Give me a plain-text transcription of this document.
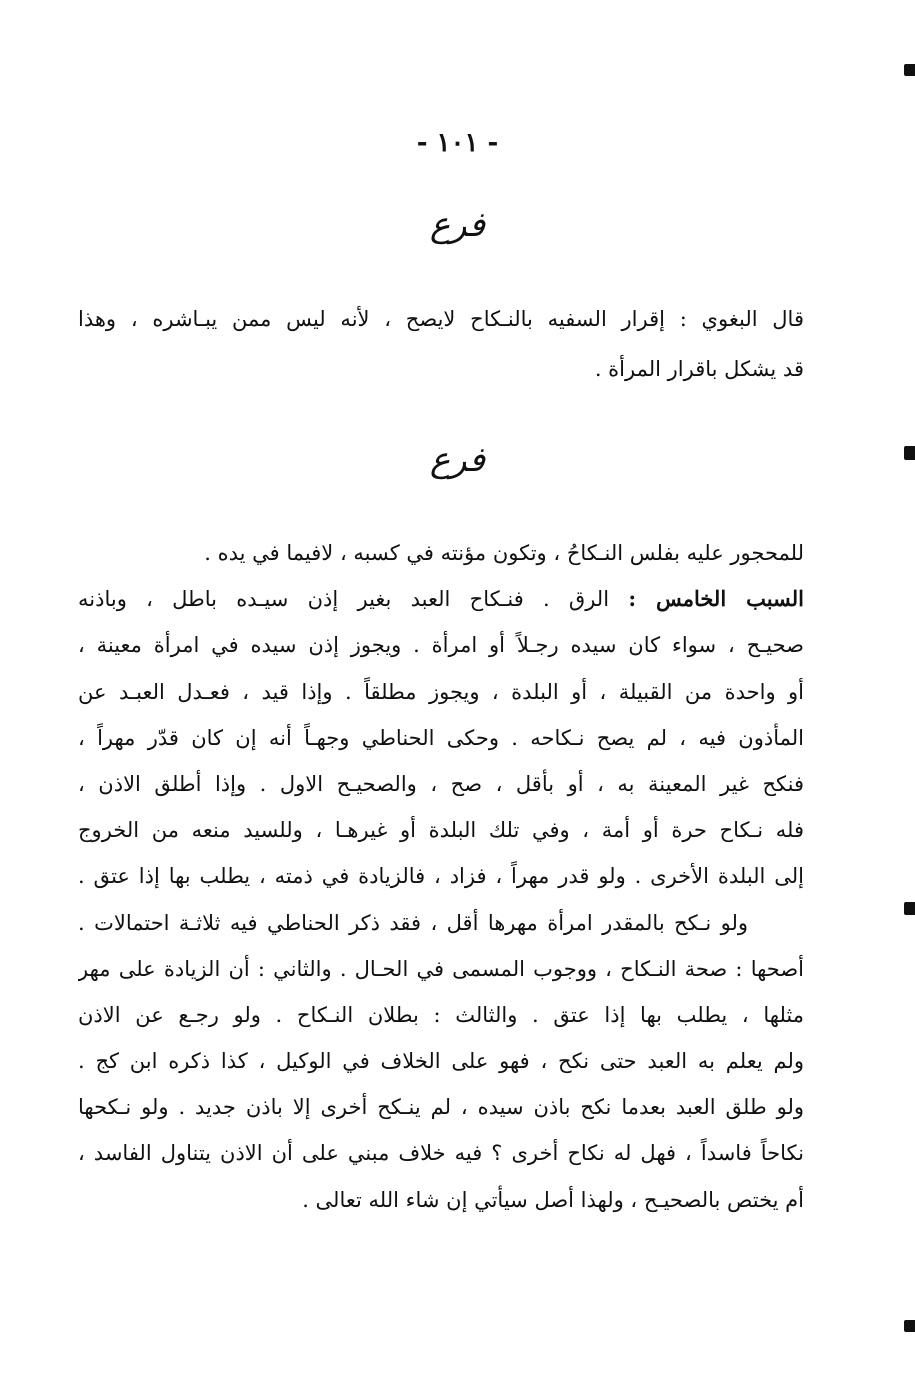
- ١٠١ -
فرع
قال البغوي : إقرار السفيه بالنـكاح لايصح ، لأنه ليس ممن يبـاشره ، وهذا
قد يشكل باقرار المرأة .
فرع
للمحجور عليه بفلس النـكاحُ ، وتكون مؤنته في كسبه ، لافيما في يده .
السبب الخامس : الرق . فنـكاح العبد بغير إذن سيـده باطل ، وباذنه
صحيـح ، سواء كان سيده رجـلاً أو امرأة . ويجوز إذن سيده في امرأة معينة ،
أو واحدة من القبيلة ، أو البلدة ، ويجوز مطلقاً . وإذا قيد ، فعـدل العبـد عن
المأذون فيه ، لم يصح نـكاحه . وحكى الحناطي وجهـاً أنه إن كان قدّر مهراً ،
فنكح غير المعينة به ، أو بأقل ، صح ، والصحيـح الاول . وإذا أطلق الاذن ،
فله نـكاح حرة أو أمة ، وفي تلك البلدة أو غيرهـا ، وللسيد منعه من الخروج
إلى البلدة الأخرى . ولو قدر مهراً ، فزاد ، فالزيادة في ذمته ، يطلب بها إذا عتق .
ولو نـكح بالمقدر امرأة مهرها أقل ، فقد ذكر الحناطي فيه ثلاثـة احتمالات .
أصحها : صحة النـكاح ، ووجوب المسمى في الحـال . والثاني : أن الزيادة على مهر
مثلها ، يطلب بها إذا عتق . والثالث : بطلان النـكاح . ولو رجـع عن الاذن
ولم يعلم به العبد حتى نكح ، فهو على الخلاف في الوكيل ، كذا ذكره ابن كج .
ولو طلق العبد بعدما نكح باذن سيده ، لم ينـكح أخرى إلا باذن جديد . ولو نـكحها
نكاحاً فاسداً ، فهل له نكاح أخرى ؟ فيه خلاف مبني على أن الاذن يتناول الفاسد ،
أم يختص بالصحيـح ، ولهذا أصل سيأتي إن شاء الله تعالى .
